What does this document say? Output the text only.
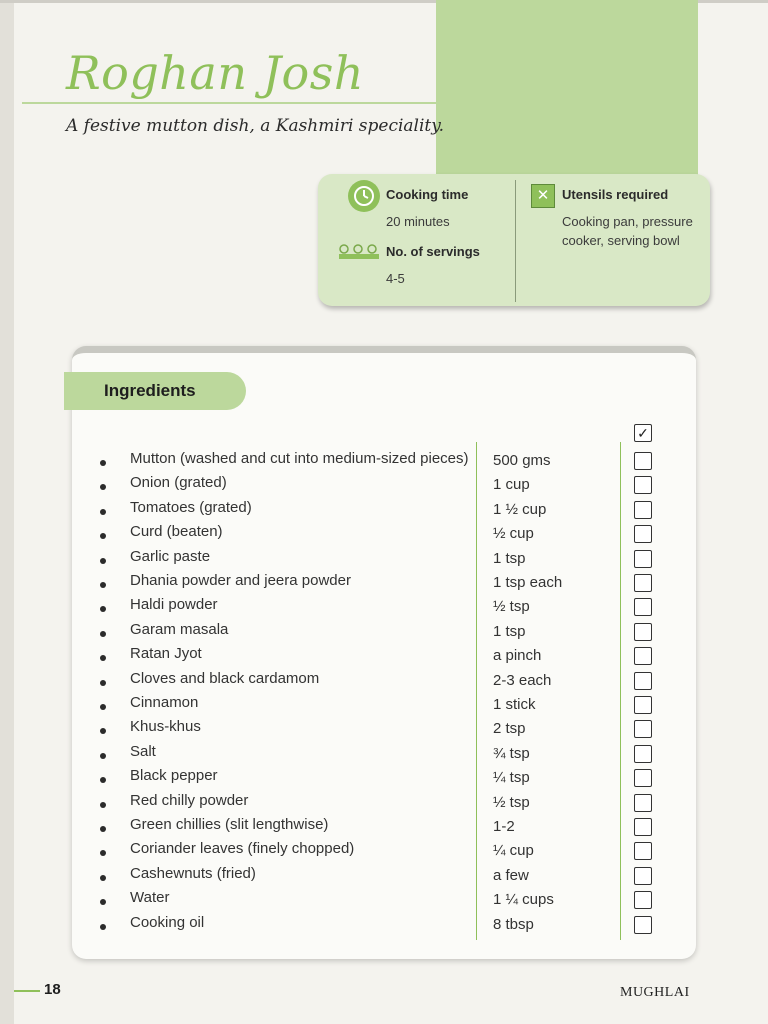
Roghan Josh
A festive mutton dish, a Kashmiri speciality.
Cooking time
20 minutes
No. of servings
4-5
✕ Utensils required
Cooking pan, pressure cooker, serving bowl
Ingredients
✓
Mutton (washed and cut into medium-sized pieces) 500 gms
Onion (grated)	1 cup
Tomatoes (grated)	1 ½ cup
Curd (beaten)	½ cup
Garlic paste	1 tsp
Dhania powder and jeera powder	1 tsp each
Haldi powder	½ tsp
Garam masala	1 tsp
Ratan Jyot	a pinch
Cloves and black cardamom	2-3 each
Cinnamon	1 stick
Khus-khus	2 tsp
Salt	¾ tsp
Black pepper	¼ tsp
Red chilly powder	½ tsp
Green chillies (slit lengthwise)	1-2
Coriander leaves (finely chopped)	¼ cup
Cashewnuts (fried)	a few
Water	1 ¼ cups
Cooking oil	8 tbsp
18	MUGHLAI
